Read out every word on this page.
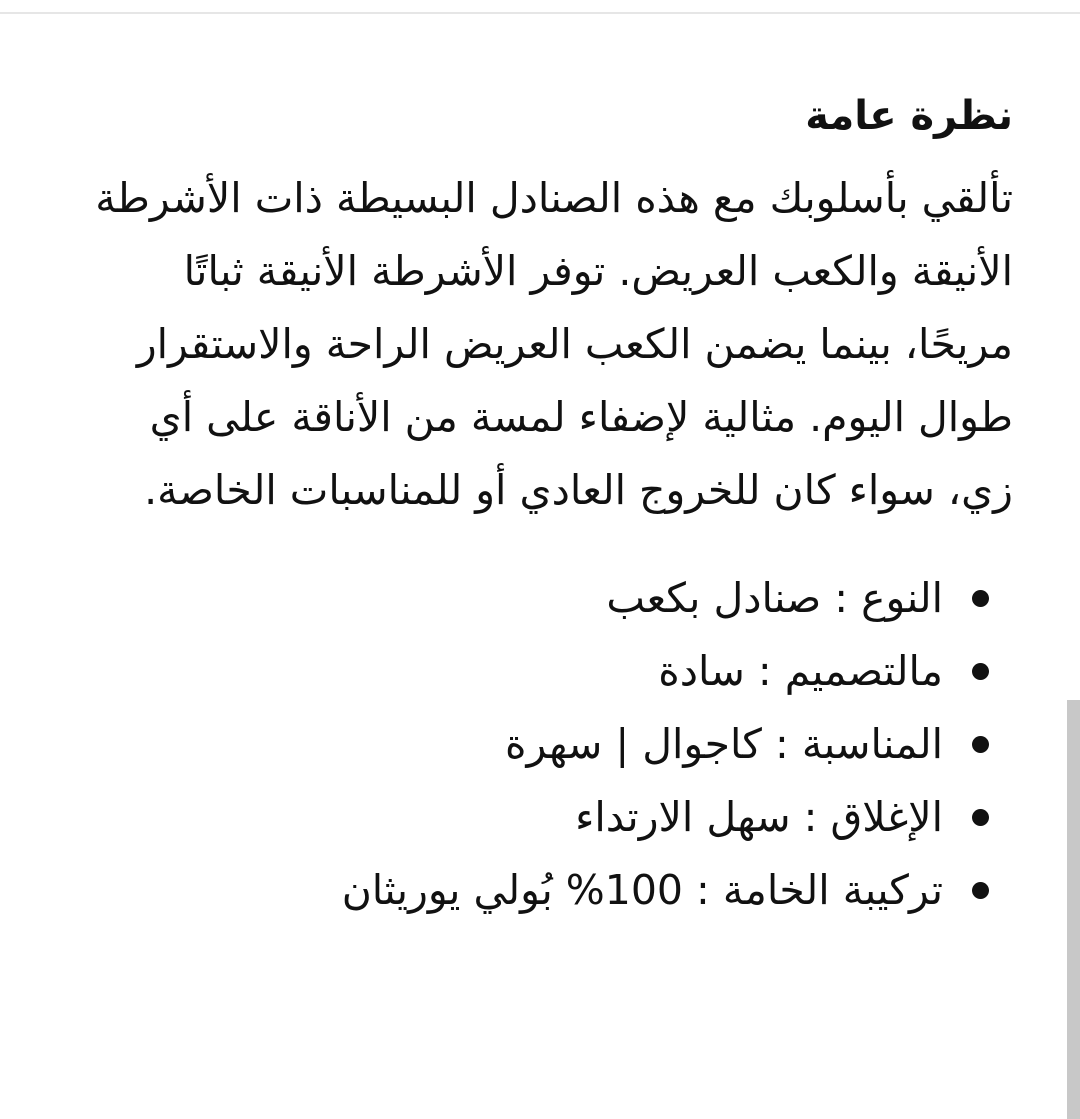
نظرة عامة

تألقي بأسلوبك مع هذه الصنادل البسيطة ذات الأشرطة الأنيقة والكعب العريض. توفر الأشرطة الأنيقة ثباتًا مريحًا، بينما يضمن الكعب العريض الراحة والاستقرار طوال اليوم. مثالية لإضفاء لمسة من الأناقة على أي زي، سواء كان للخروج العادي أو للمناسبات الخاصة.

النوع : صنادل بكعب
مالتصميم : سادة
المناسبة : كاجوال | سهرة
الإغلاق : سهل الارتداء
تركيبة الخامة : 100% بُولي يوريثان
